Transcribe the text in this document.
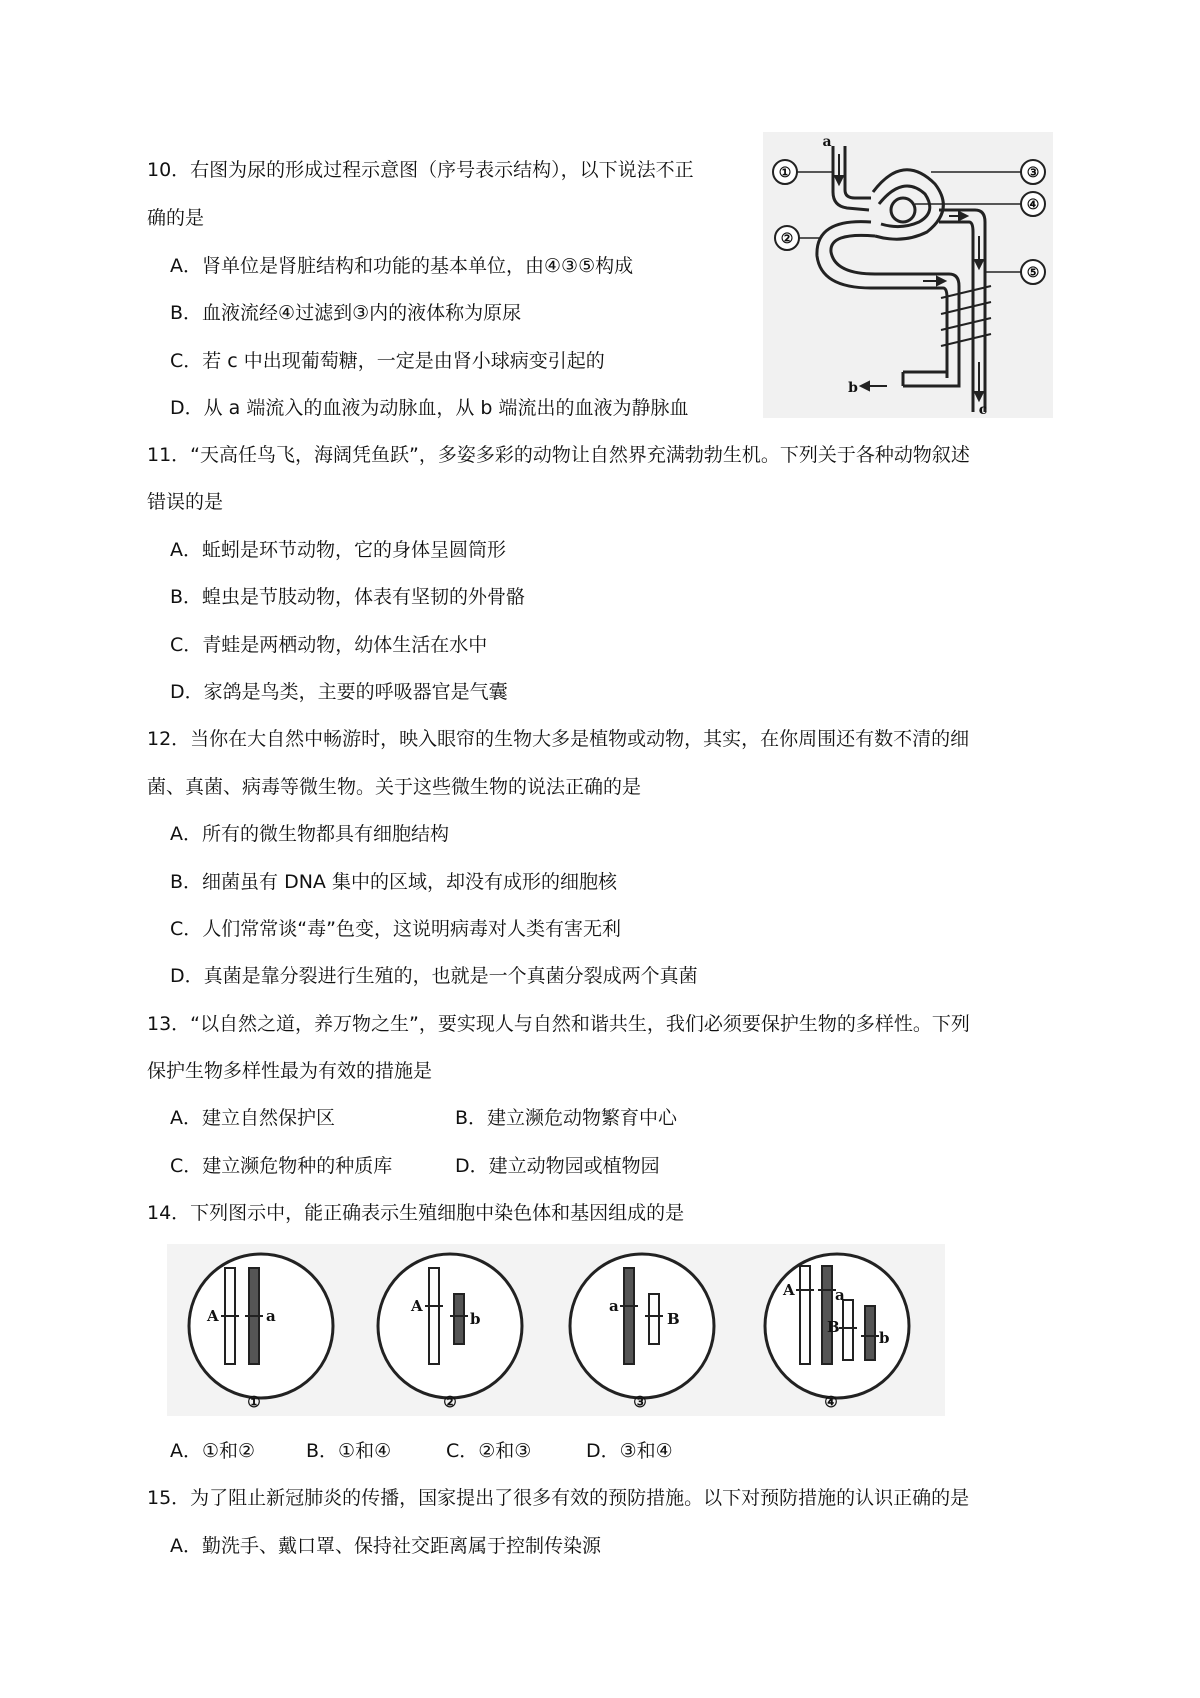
10．右图为尿的形成过程示意图（序号表示结构），以下说法不正
确的是
A．肾单位是肾脏结构和功能的基本单位，由④③⑤构成
B．血液流经④过滤到③内的液体称为原尿
C．若 c 中出现葡萄糖，一定是由肾小球病变引起的
D．从 a 端流入的血液为动脉血，从 b 端流出的血液为静脉血
①
②
③
④
⑤
a
b
c
11．“天高任鸟飞，海阔凭鱼跃”，多姿多彩的动物让自然界充满勃勃生机。下列关于各种动物叙述
错误的是
A．蚯蚓是环节动物，它的身体呈圆筒形
B．蝗虫是节肢动物，体表有坚韧的外骨骼
C．青蛙是两栖动物，幼体生活在水中
D．家鸽是鸟类，主要的呼吸器官是气囊
12．当你在大自然中畅游时，映入眼帘的生物大多是植物或动物，其实，在你周围还有数不清的细
菌、真菌、病毒等微生物。关于这些微生物的说法正确的是
A．所有的微生物都具有细胞结构
B．细菌虽有 DNA 集中的区域，却没有成形的细胞核
C．人们常常谈“毒”色变，这说明病毒对人类有害无利
D．真菌是靠分裂进行生殖的，也就是一个真菌分裂成两个真菌
13．“以自然之道，养万物之生”，要实现人与自然和谐共生，我们必须要保护生物的多样性。下列
保护生物多样性最为有效的措施是
A．建立自然保护区	B．建立濒危动物繁育中心
C．建立濒危物种的种质库	D．建立动物园或植物园
14．下列图示中，能正确表示生殖细胞中染色体和基因组成的是
A	a
①
A
b
②
a
B
③
A	a
B
b
④
A．①和②	B．①和④	C．②和③	D．③和④
15．为了阻止新冠肺炎的传播，国家提出了很多有效的预防措施。以下对预防措施的认识正确的是
A．勤洗手、戴口罩、保持社交距离属于控制传染源
